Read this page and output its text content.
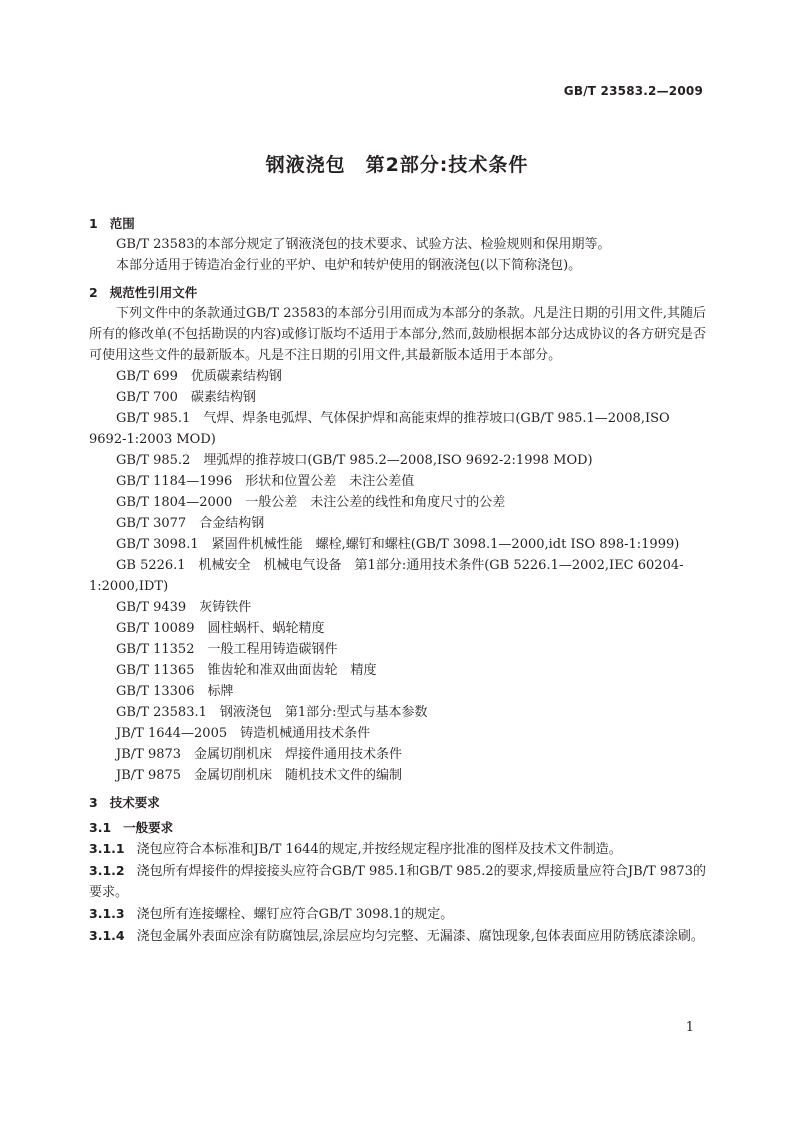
GB/T 23583.2—2009
钢液浇包　第2部分:技术条件
1 范围

GB/T 23583的本部分规定了钢液浇包的技术要求、试验方法、检验规则和保用期等。

本部分适用于铸造冶金行业的平炉、电炉和转炉使用的钢液浇包(以下简称浇包)。

2 规范性引用文件

下列文件中的条款通过GB/T 23583的本部分引用而成为本部分的条款。凡是注日期的引用文件,其随后所有的修改单(不包括勘误的内容)或修订版均不适用于本部分,然而,鼓励根据本部分达成协议的各方研究是否可使用这些文件的最新版本。凡是不注日期的引用文件,其最新版本适用于本部分。

GB/T 699　优质碳素结构钢

GB/T 700　碳素结构钢

GB/T 985.1　气焊、焊条电弧焊、气体保护焊和高能束焊的推荐坡口(GB/T 985.1—2008,ISO 9692-1:2003 MOD)

GB/T 985.2　埋弧焊的推荐坡口(GB/T 985.2—2008,ISO 9692-2:1998 MOD)

GB/T 1184—1996　形状和位置公差　未注公差值

GB/T 1804—2000　一般公差　未注公差的线性和角度尺寸的公差

GB/T 3077　合金结构钢

GB/T 3098.1　紧固件机械性能　螺栓,螺钉和螺柱(GB/T 3098.1—2000,idt ISO 898-1:1999)

GB 5226.1　机械安全　机械电气设备　第1部分:通用技术条件(GB 5226.1—2002,IEC 60204-1:2000,IDT)

GB/T 9439　灰铸铁件

GB/T 10089　圆柱蜗杆、蜗轮精度

GB/T 11352　一般工程用铸造碳钢件

GB/T 11365　锥齿轮和准双曲面齿轮　精度

GB/T 13306　标牌

GB/T 23583.1　钢液浇包　第1部分:型式与基本参数

JB/T 1644—2005　铸造机械通用技术条件

JB/T 9873　金属切削机床　焊接件通用技术条件

JB/T 9875　金属切削机床　随机技术文件的编制

3 技术要求
3.1 一般要求

3.1.1 浇包应符合本标准和JB/T 1644的规定,并按经规定程序批准的图样及技术文件制造。

3.1.2 浇包所有焊接件的焊接接头应符合GB/T 985.1和GB/T 985.2的要求,焊接质量应符合JB/T 9873的要求。

3.1.3 浇包所有连接螺栓、螺钉应符合GB/T 3098.1的规定。

3.1.4 浇包金属外表面应涂有防腐蚀层,涂层应均匀完整、无漏漆、腐蚀现象,包体表面应用防锈底漆涂刷。

1
